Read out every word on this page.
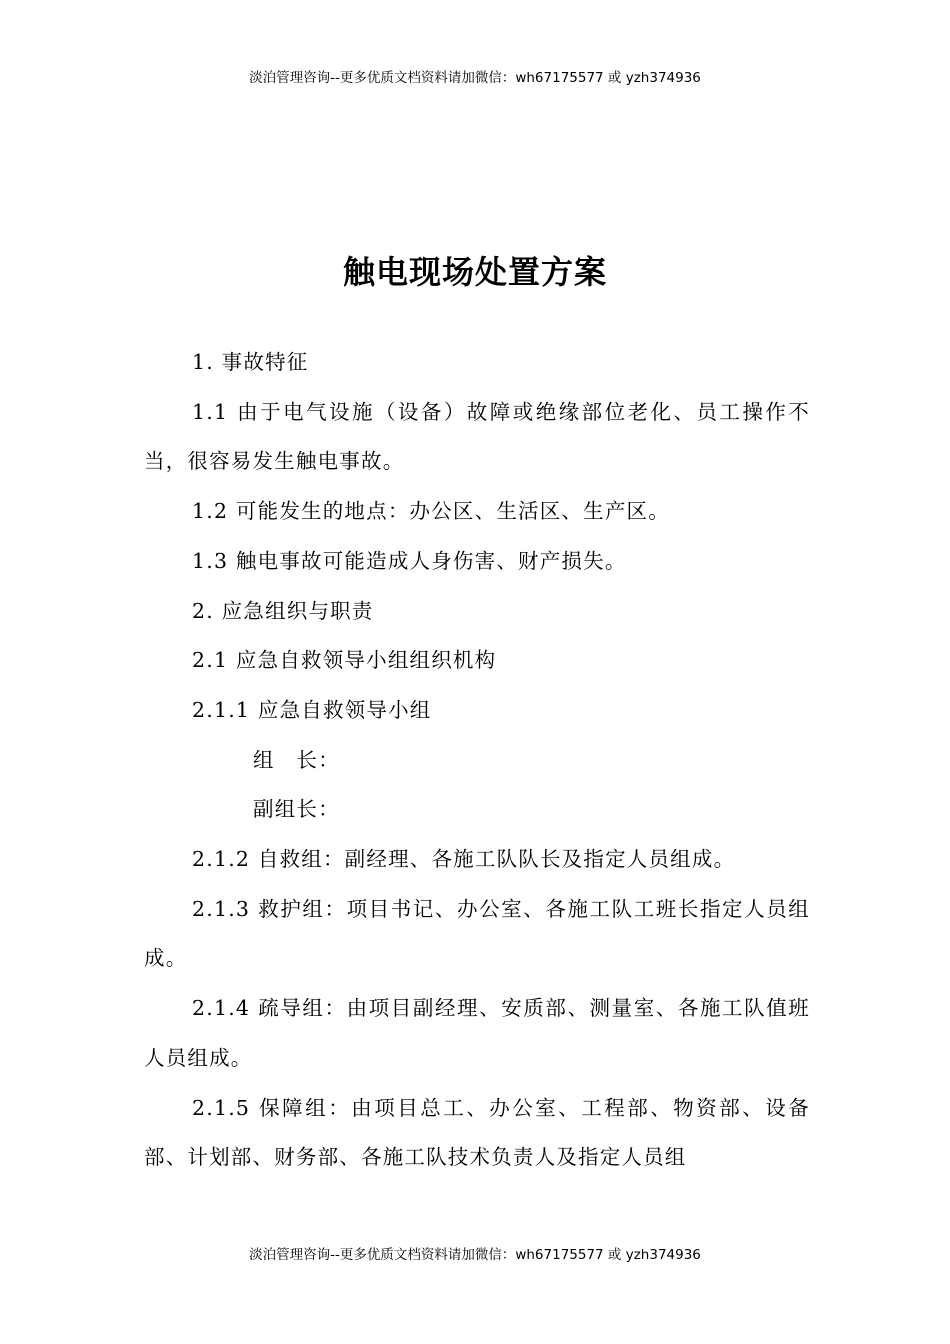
淡泊管理咨询--更多优质文档资料请加微信：wh67175577 或 yzh374936
触电现场处置方案

1. 事故特征

1.1 由于电气设施（设备）故障或绝缘部位老化、员工操作不当，很容易发生触电事故。

1.2 可能发生的地点：办公区、生活区、生产区。

1.3 触电事故可能造成人身伤害、财产损失。

2. 应急组织与职责

2.1 应急自救领导小组组织机构

2.1.1 应急自救领导小组

组　长：

副组长：

2.1.2 自救组：副经理、各施工队队长及指定人员组成。

2.1.3 救护组：项目书记、办公室、各施工队工班长指定人员组成。

2.1.4 疏导组：由项目副经理、安质部、测量室、各施工队值班人员组成。

2.1.5 保障组：由项目总工、办公室、工程部、物资部、设备部、计划部、财务部、各施工队技术负责人及指定人员组

淡泊管理咨询--更多优质文档资料请加微信：wh67175577 或 yzh374936
